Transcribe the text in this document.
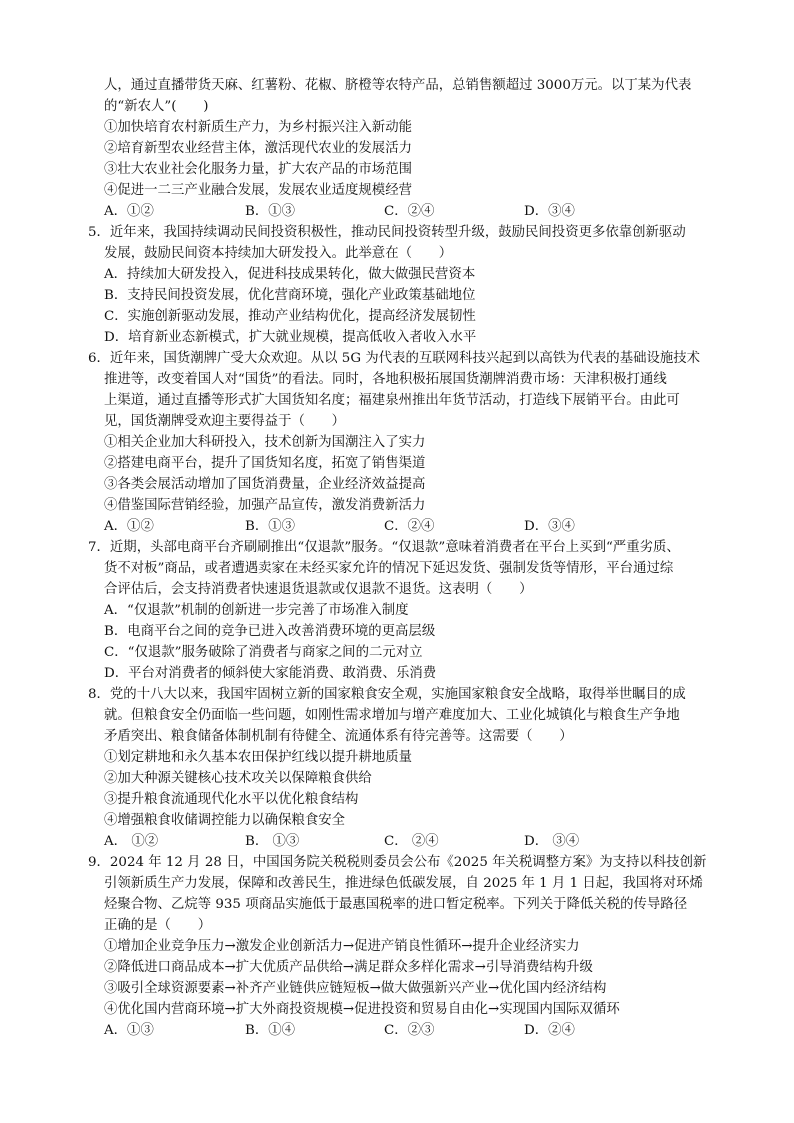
人，通过直播带货天麻、红薯粉、花椒、脐橙等农特产品，总销售额超过 3000万元。以丁某为代表
的“新农人”(　　)
①加快培育农村新质生产力，为乡村振兴注入新动能
②培育新型农业经营主体，激活现代农业的发展活力
③壮大农业社会化服务力量，扩大农产品的市场范围
④促进一二三产业融合发展，发展农业适度规模经营
A．①②	B．①③	C．②④	D．③④
5．近年来，我国持续调动民间投资积极性，推动民间投资转型升级，鼓励民间投资更多依靠创新驱动
发展，鼓励民间资本持续加大研发投入。此举意在（　　）
A．持续加大研发投入，促进科技成果转化，做大做强民营资本
B．支持民间投资发展，优化营商环境，强化产业政策基础地位
C．实施创新驱动发展，推动产业结构优化，提高经济发展韧性
D．培育新业态新模式，扩大就业规模，提高低收入者收入水平
6．近年来，国货潮牌广受大众欢迎。从以 5G 为代表的互联网科技兴起到以高铁为代表的基础设施技术
推进等，改变着国人对“国货”的看法。同时，各地积极拓展国货潮牌消费市场：天津积极打通线
上渠道，通过直播等形式扩大国货知名度；福建泉州推出年货节活动，打造线下展销平台。由此可
见，国货潮牌受欢迎主要得益于（　　）
①相关企业加大科研投入，技术创新为国潮注入了实力
②搭建电商平台，提升了国货知名度，拓宽了销售渠道
③各类会展活动增加了国货消费量，企业经济效益提高
④借鉴国际营销经验，加强产品宣传，激发消费新活力
A．①②	B．①③	C．②④	D．③④
7．近期，头部电商平台齐刷刷推出“仅退款”服务。“仅退款”意味着消费者在平台上买到“严重劣质、
货不对板”商品，或者遭遇卖家在未经买家允许的情况下延迟发货、强制发货等情形，平台通过综
合评估后，会支持消费者快速退货退款或仅退款不退货。这表明（　　）
A．“仅退款”机制的创新进一步完善了市场准入制度
B．电商平台之间的竞争已进入改善消费环境的更高层级
C．“仅退款”服务破除了消费者与商家之间的二元对立
D．平台对消费者的倾斜使大家能消费、敢消费、乐消费
8．党的十八大以来，我国牢固树立新的国家粮食安全观，实施国家粮食安全战略，取得举世瞩目的成
就。但粮食安全仍面临一些问题，如刚性需求增加与增产难度加大、工业化城镇化与粮食生产争地
矛盾突出、粮食储备体制机制有待健全、流通体系有待完善等。这需要（　　）
①划定耕地和永久基本农田保护红线以提升耕地质量
②加大种源关键核心技术攻关以保障粮食供给
③提升粮食流通现代化水平以优化粮食结构
④增强粮食收储调控能力以确保粮食安全
A． ①②	B． ①③	C． ②④	D． ③④
9．2024 年 12 月 28 日，中国国务院关税税则委员会公布《2025 年关税调整方案》为支持以科技创新
引领新质生产力发展，保障和改善民生，推进绿色低碳发展，自 2025 年 1 月 1 日起，我国将对环烯
烃聚合物、乙烷等 935 项商品实施低于最惠国税率的进口暂定税率。下列关于降低关税的传导路径
正确的是（　　）
①增加企业竞争压力→激发企业创新活力→促进产销良性循环→提升企业经济实力
②降低进口商品成本→扩大优质产品供给→满足群众多样化需求→引导消费结构升级
③吸引全球资源要素→补齐产业链供应链短板→做大做强新兴产业→优化国内经济结构
④优化国内营商环境→扩大外商投资规模→促进投资和贸易自由化→实现国内国际双循环
A．①③	B．①④	C．②③	D．②④
